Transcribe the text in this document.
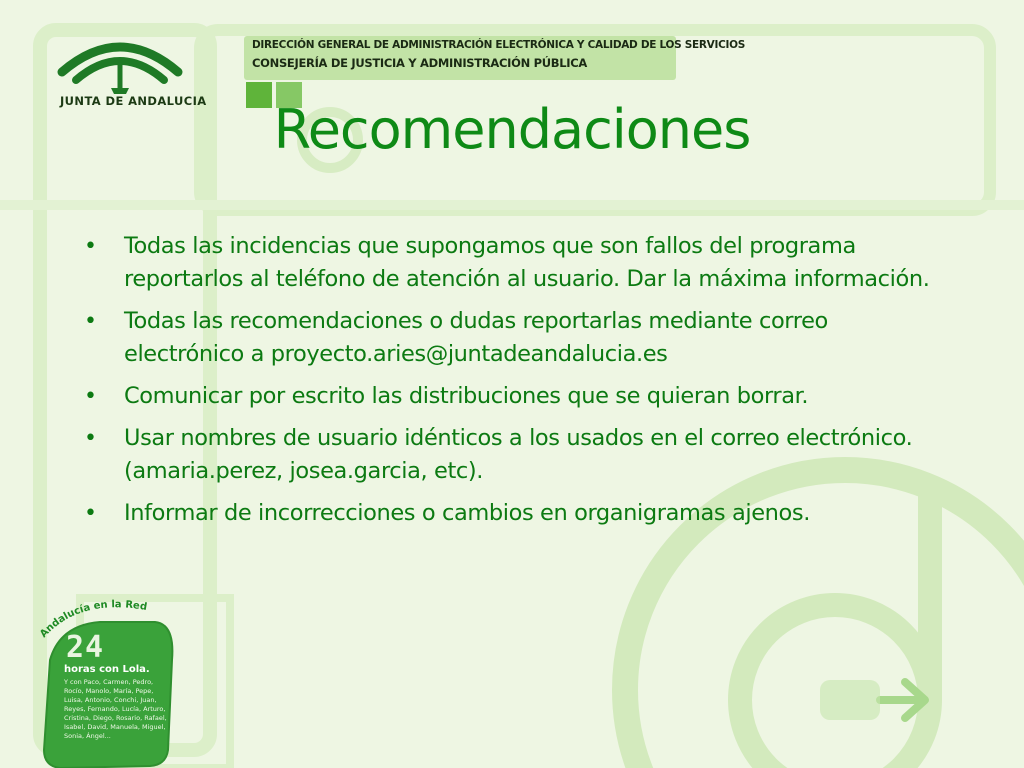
DIRECCIÓN GENERAL DE ADMINISTRACIÓN ELECTRÓNICA Y CALIDAD DE LOS SERVICIOS
CONSEJERÍA DE JUSTICIA Y ADMINISTRACIÓN PÚBLICA
JUNTA DE ANDALUCIA	Recomendaciones
• Todas las incidencias que supongamos que son fallos del programa reportarlos al teléfono de atención al usuario. Dar la máxima información.
• Todas las recomendaciones o dudas reportarlas mediante correo electrónico a proyecto.aries@juntadeandalucia.es
• Comunicar por escrito las distribuciones que se quieran borrar.
• Usar nombres de usuario idénticos a los usados en el correo electrónico. (amaria.perez, josea.garcia, etc).
• Informar de incorrecciones o cambios en organigramas ajenos.
Andalucía en la Red
24
horas con Lola.
Y con Paco, Carmen, Pedro, Rocío, Manolo, María, Pepe, Luisa, Antonio, Conchi, Juan, Reyes, Fernando, Lucía, Arturo, Cristina, Diego, Rosario, Rafael, Isabel, David, Manuela, Miguel, Sonia, Ángel...
